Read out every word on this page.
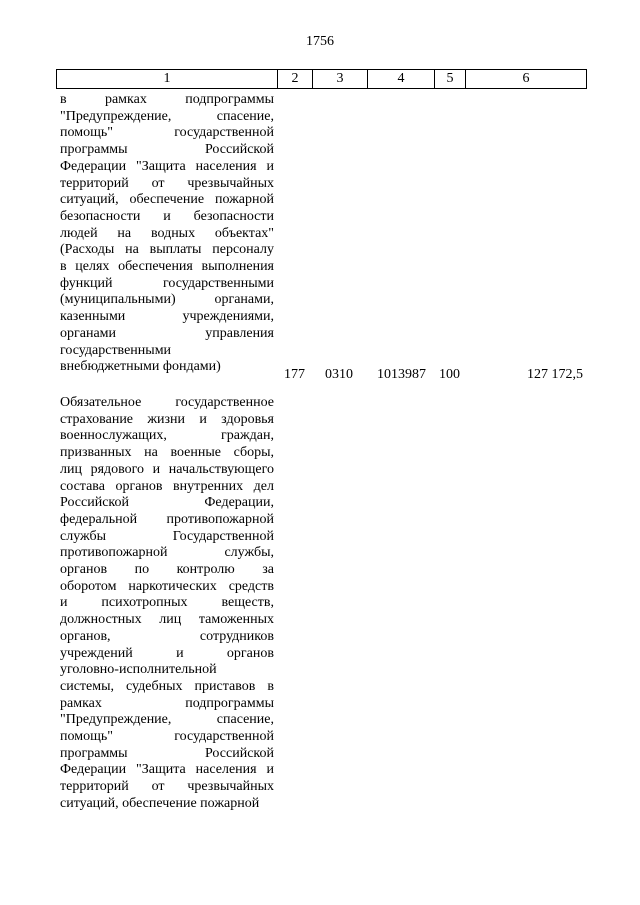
1756
1	2	3	4	5	6
в рамках подпрограммы
"Предупреждение, спасение,
помощь" государственной
программы Российской
Федерации "Защита населения и
территорий от чрезвычайных
ситуаций, обеспечение пожарной
безопасности и безопасности
людей на водных объектах"
(Расходы на выплаты персоналу
в целях обеспечения выполнения
функций государственными
(муниципальными) органами,
казенными учреждениями,
органами управления
государственными
внебюджетными фондами)
177 0310 1013987 100	127 172,5
Обязательное государственное
страхование жизни и здоровья
военнослужащих, граждан,
призванных на военные сборы,
лиц рядового и начальствующего
состава органов внутренних дел
Российской Федерации,
федеральной противопожарной
службы Государственной
противопожарной службы,
органов по контролю за
оборотом наркотических средств
и психотропных веществ,
должностных лиц таможенных
органов, сотрудников
учреждений и органов
уголовно-исполнительной
системы, судебных приставов в
рамках подпрограммы
"Предупреждение, спасение,
помощь" государственной
программы Российской
Федерации "Защита населения и
территорий от чрезвычайных
ситуаций, обеспечение пожарной
